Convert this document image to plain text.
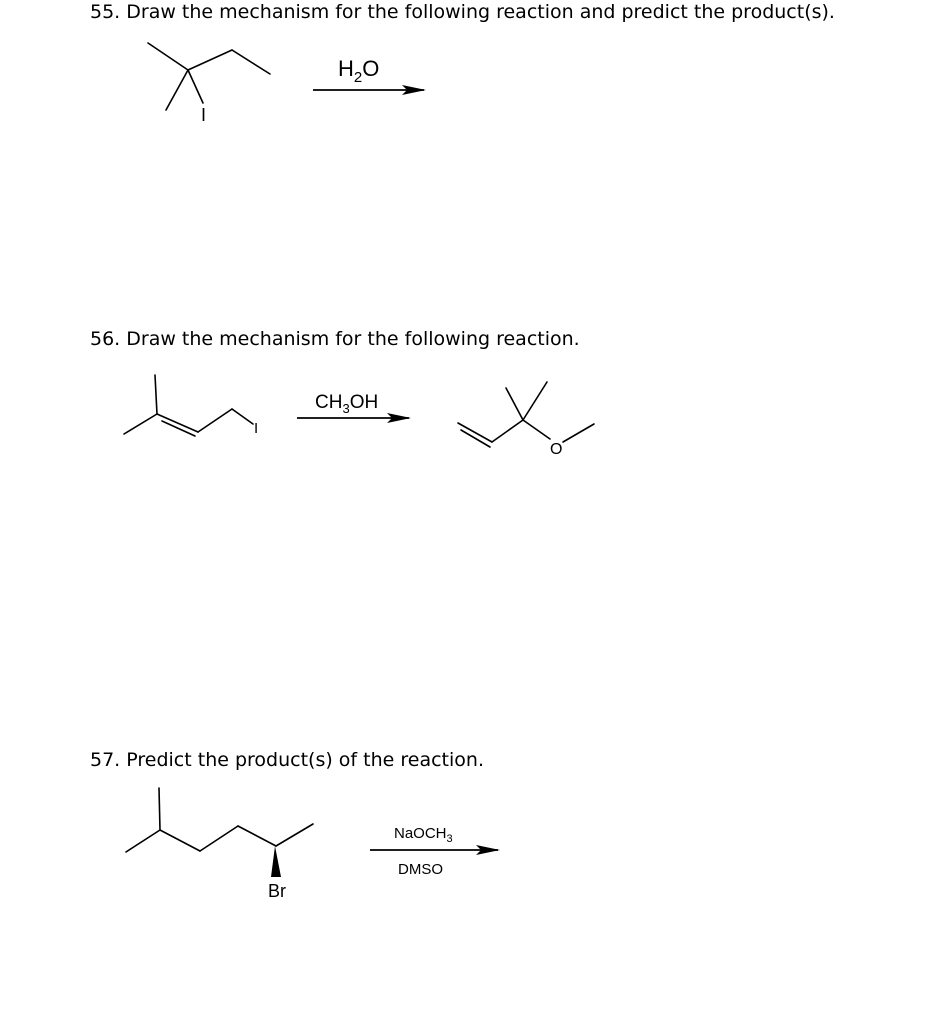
55. Draw the mechanism for the following reaction and predict the product(s).
56. Draw the mechanism for the following reaction.
57. Predict the product(s) of the reaction.
I
$H_2O$
I
$CH_3OH$
O
Br
NaOCH$_3$
DMSO
